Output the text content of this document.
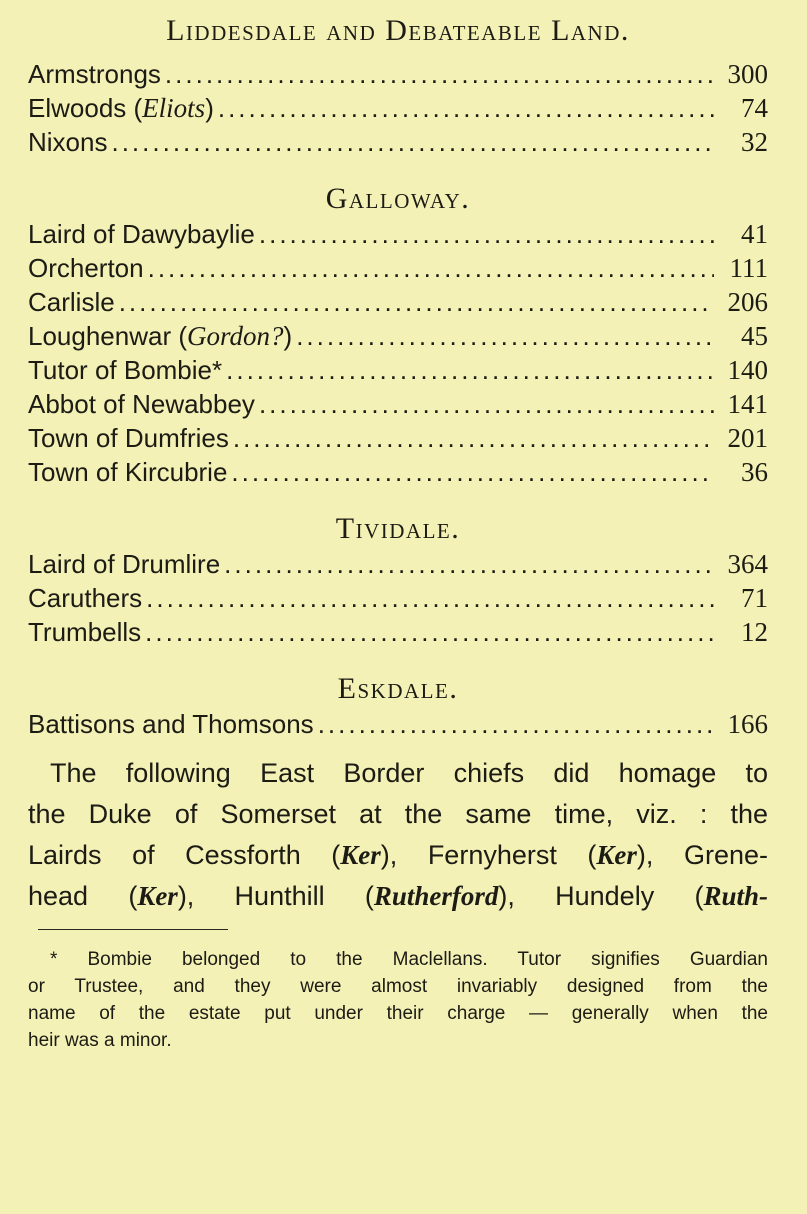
Liddesdale and Debateable Land.
Armstrongs .....	300
Elwoods (Eliots) .....	74
Nixons .....	32
Galloway.
Laird of Dawybaylie .....	41
Orcherton .....	111
Carlisle .....	206
Loughenwar (Gordon?) .....	45
Tutor of Bombie* .....	140
Abbot of Newabbey .....	141
Town of Dumfries .....	201
Town of Kircubrie .....	36
Tividale.
Laird of Drumlire .....	364
Caruthers .....	71
Trumbells .....	12
Eskdale.
Battisons and Thomsons .....	166
The following East Border chiefs did homage to
the Duke of Somerset at the same time, viz. : the
Lairds of Cessforth (Ker), Fernyherst (Ker), Grene-
head (Ker), Hunthill (Rutherford), Hundely (Ruth-
* Bombie belonged to the Maclellans. Tutor signifies Guardian
or Trustee, and they were almost invariably designed from the
name of the estate put under their charge — generally when the
heir was a minor.
